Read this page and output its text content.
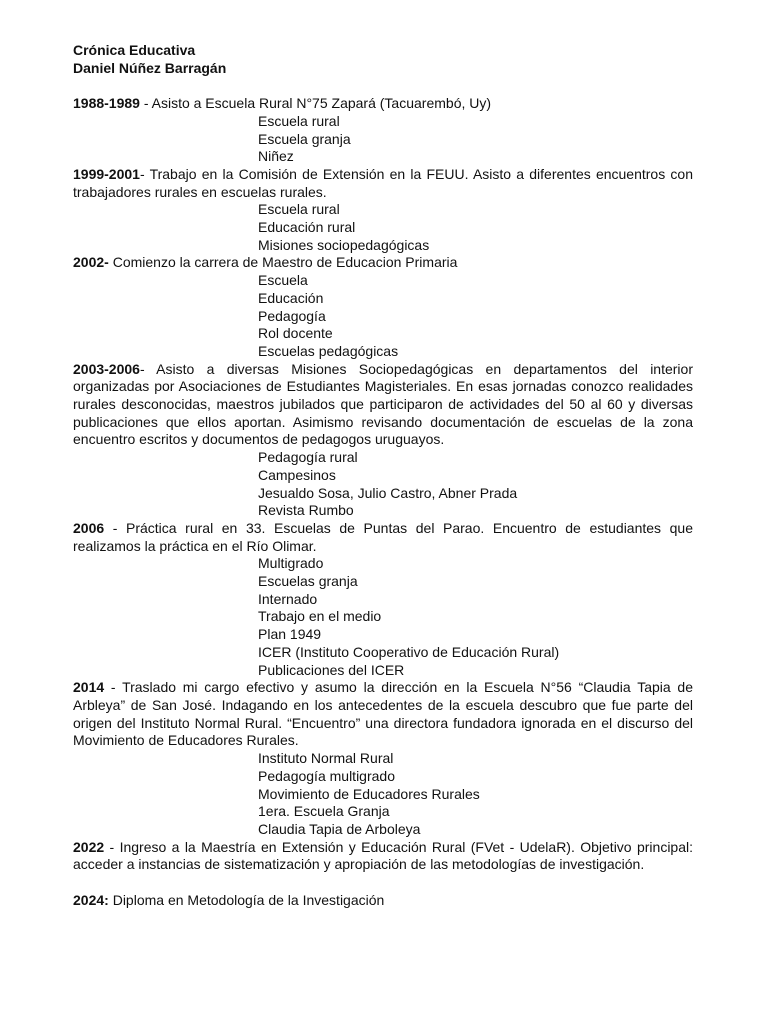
Crónica Educativa
Daniel Núñez Barragán

1988-1989 - Asisto a Escuela Rural N°75 Zapará (Tacuarembó, Uy)

Escuela rural
Escuela granja
Niñez

1999-2001- Trabajo en la Comisión de Extensión en la FEUU. Asisto a diferentes encuentros con trabajadores rurales en escuelas rurales.

Escuela rural
Educación rural
Misiones sociopedagógicas

2002- Comienzo la carrera de Maestro de Educacion Primaria

Escuela
Educación
Pedagogía
Rol docente
Escuelas pedagógicas

2003-2006- Asisto a diversas Misiones Sociopedagógicas en departamentos del interior organizadas por Asociaciones de Estudiantes Magisteriales. En esas jornadas conozco realidades rurales desconocidas, maestros jubilados que participaron de actividades del 50 al 60 y diversas publicaciones que ellos aportan. Asimismo revisando documentación de escuelas de la zona encuentro escritos y documentos de pedagogos uruguayos.

Pedagogía rural
Campesinos
Jesualdo Sosa, Julio Castro, Abner Prada
Revista Rumbo

2006 - Práctica rural en 33. Escuelas de Puntas del Parao. Encuentro de estudiantes que realizamos la práctica en el Río Olimar.

Multigrado
Escuelas granja
Internado
Trabajo en el medio
Plan 1949
ICER (Instituto Cooperativo de Educación Rural)
Publicaciones del ICER

2014 - Traslado mi cargo efectivo y asumo la dirección en la Escuela N°56 “Claudia Tapia de Arbleya” de San José. Indagando en los antecedentes de la escuela descubro que fue parte del origen del Instituto Normal Rural. “Encuentro” una directora fundadora ignorada en el discurso del Movimiento de Educadores Rurales.

Instituto Normal Rural
Pedagogía multigrado
Movimiento de Educadores Rurales
1era. Escuela Granja
Claudia Tapia de Arboleya

2022 - Ingreso a la Maestría en Extensión y Educación Rural (FVet - UdelaR). Objetivo principal: acceder a instancias de sistematización y apropiación de las metodologías de investigación.

2024: Diploma en Metodología de la Investigación
